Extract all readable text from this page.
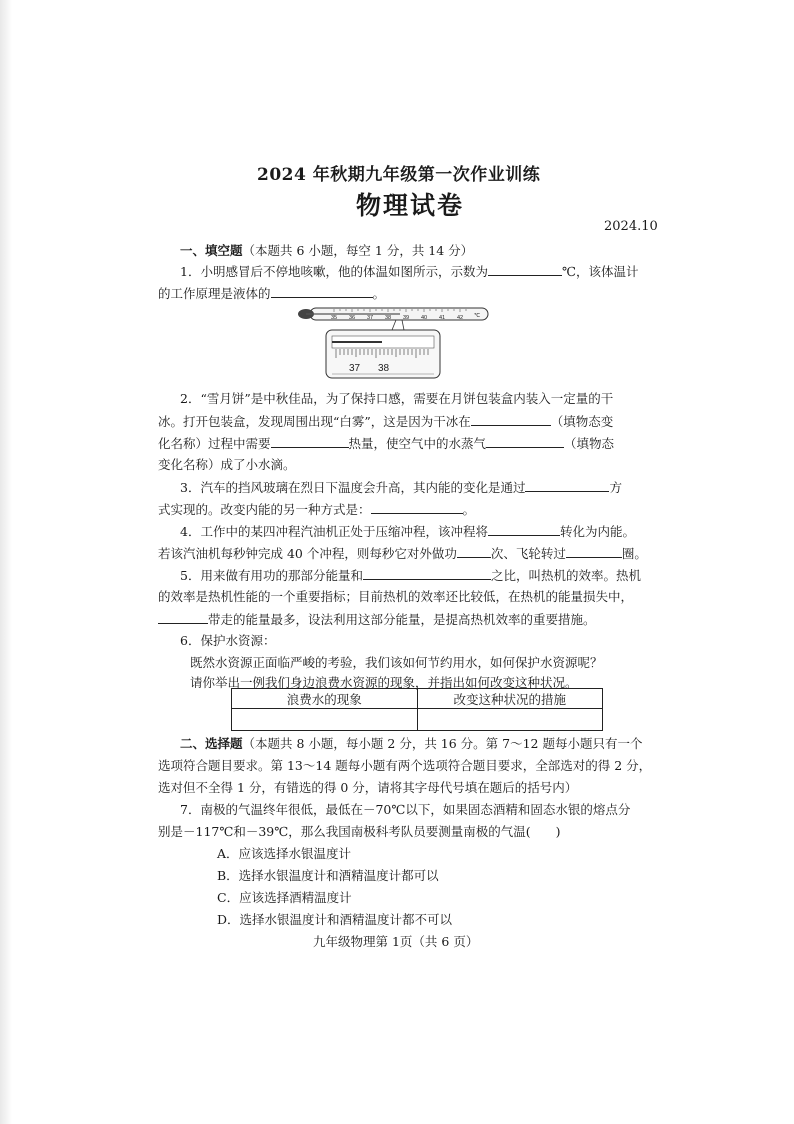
2024 年秋期九年级第一次作业训练
物理试卷
2024.10
一、填空题（本题共 6 小题，每空 1 分，共 14 分）
1．小明感冒后不停地咳嗽，他的体温如图所示，示数为	℃，该体温计
的工作原理是液体的	。
35 36 37 38 39 40 41 42 ℃
37 38
2．“雪月饼”是中秋佳品，为了保持口感，需要在月饼包装盒内装入一定量的干
冰。打开包装盒，发现周围出现“白雾”，这是因为干冰在	（填物态变
化名称）过程中需要	热量，使空气中的水蒸气	（填物态
变化名称）成了小水滴。
3．汽车的挡风玻璃在烈日下温度会升高，其内能的变化是通过	方
式实现的。改变内能的另一种方式是：	。
4．工作中的某四冲程汽油机正处于压缩冲程，该冲程将	转化为内能。
若该汽油机每秒钟完成 40 个冲程，则每秒它对外做功	次、飞轮转过	圈。
5．用来做有用功的那部分能量和	之比，叫热机的效率。热机
的效率是热机性能的一个重要指标；目前热机的效率还比较低，在热机的能量损失中，
带走的能量最多，设法利用这部分能量，是提高热机效率的重要措施。
6．保护水资源：
既然水资源正面临严峻的考验，我们该如何节约用水，如何保护水资源呢？
请你举出一例我们身边浪费水资源的现象，并指出如何改变这种状况。
浪费水的现象	改变这种状况的措施

二、选择题（本题共 8 小题，每小题 2 分，共 16 分。第 7～12 题每小题只有一个
选项符合题目要求。第 13～14 题每小题有两个选项符合题目要求，全部选对的得 2 分，
选对但不全得 1 分，有错选的得 0 分，请将其字母代号填在题后的括号内）
7．南极的气温终年很低，最低在－70℃以下，如果固态酒精和固态水银的熔点分
别是－117℃和－39℃，那么我国南极科考队员要测量南极的气温(　　)
A．应该选择水银温度计
B．选择水银温度计和酒精温度计都可以
C．应该选择酒精温度计
D．选择水银温度计和酒精温度计都不可以
九年级物理第 1页（共 6 页）
